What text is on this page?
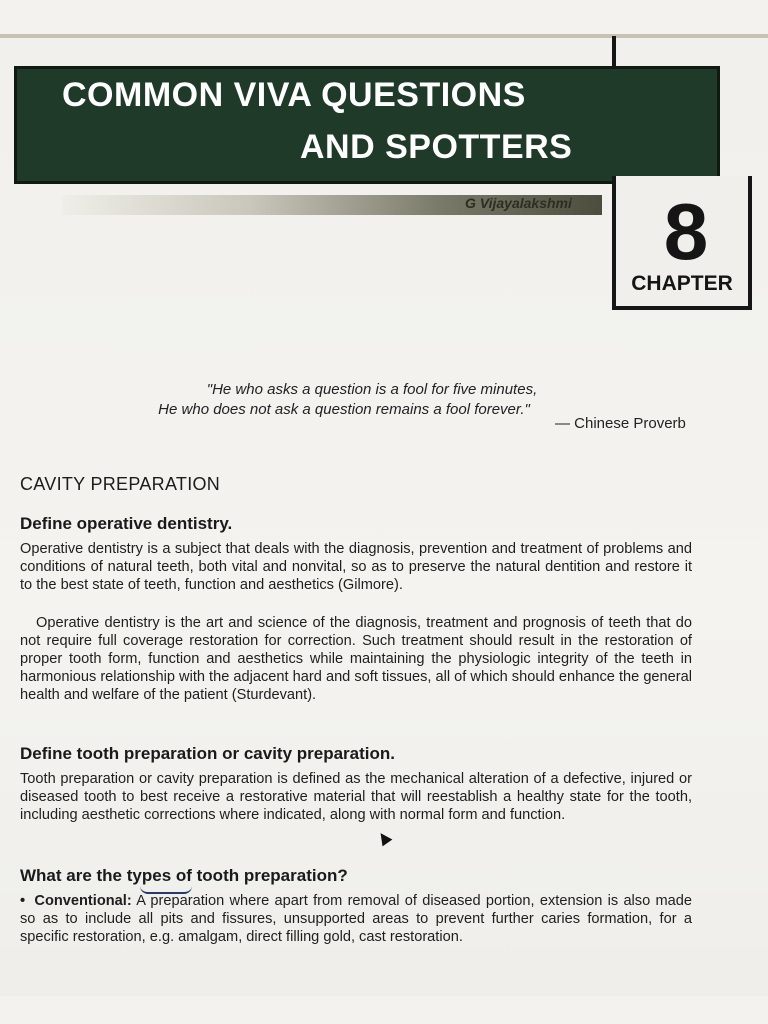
COMMON VIVA QUESTIONS
AND SPOTTERS
G Vijayalakshmi	8
CHAPTER
"He who asks a question is a fool for five minutes,
He who does not ask a question remains a fool forever."
— Chinese Proverb
CAVITY PREPARATION
Define operative dentistry.
Operative dentistry is a subject that deals with the diagnosis, prevention and treatment of problems and conditions of natural teeth, both vital and nonvital, so as to preserve the natural dentition and restore it to the best state of teeth, function and aesthetics (Gilmore).
Operative dentistry is the art and science of the diagnosis, treatment and prognosis of teeth that do not require full coverage restoration for correction. Such treatment should result in the restoration of proper tooth form, function and aesthetics while maintaining the physiologic integrity of the teeth in harmonious relationship with the adjacent hard and soft tissues, all of which should enhance the general health and welfare of the patient (Sturdevant).
Define tooth preparation or cavity preparation.
Tooth preparation or cavity preparation is defined as the mechanical alteration of a defective, injured or diseased tooth to best receive a restorative material that will reestablish a healthy state for the tooth, including aesthetic corrections where indicated, along with normal form and function.
What are the types of tooth preparation?
• Conventional: A preparation where apart from removal of diseased portion, extension is also made so as to include all pits and fissures, unsupported areas to prevent further caries formation, for a specific restoration, e.g. amalgam, direct filling gold, cast restoration.
